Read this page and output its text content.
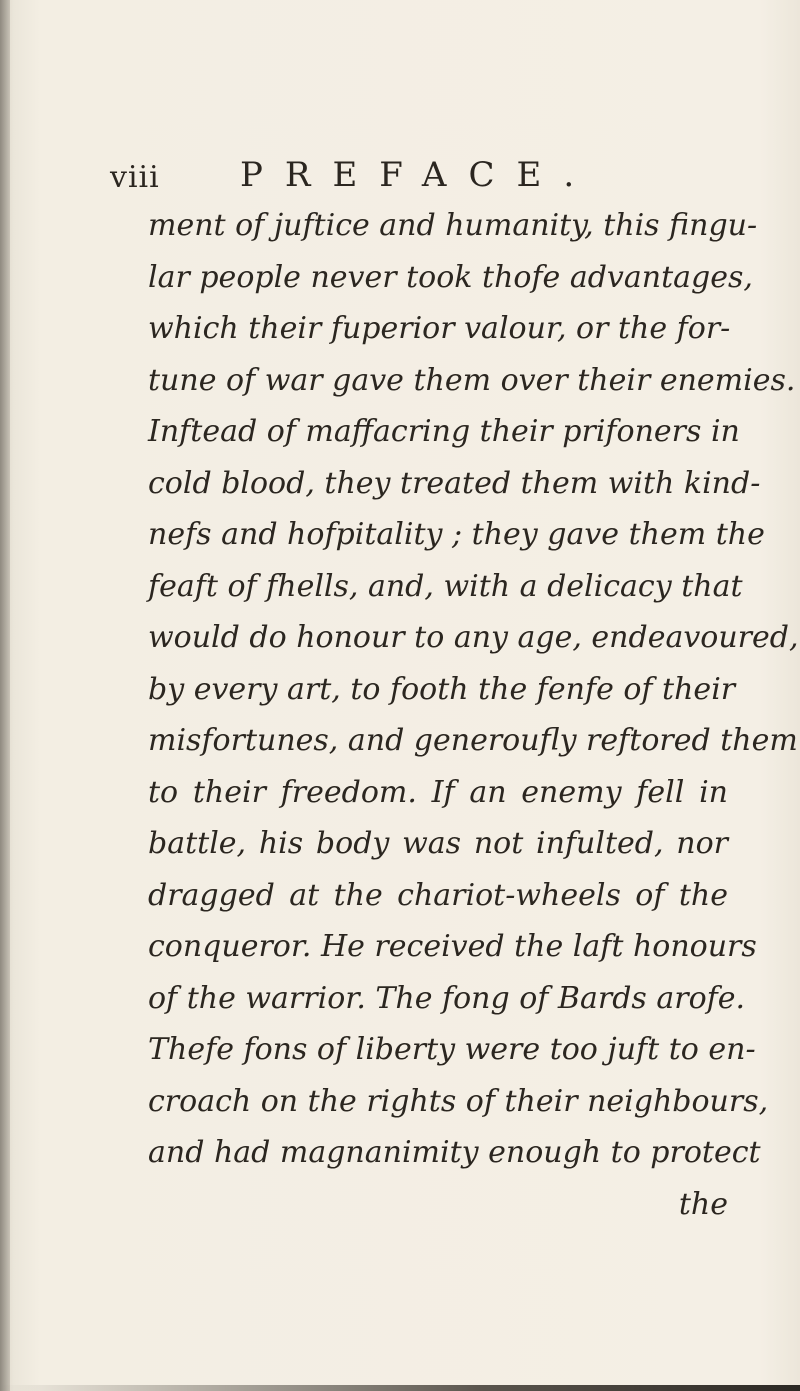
viii PREFACE.
ment of juftice and humanity, this fingu-
lar people never took thofe advantages,
which their fuperior valour, or the for-
tune of war gave them over their enemies.
Inftead of maffacring their prifoners in
cold blood, they treated them with kind-
nefs and hofpitality ; they gave them the
feaft of fhells, and, with a delicacy that
would do honour to any age, endeavoured,
by every art, to footh the fenfe of their
misfortunes, and generoufly reftored them
to their freedom. If an enemy fell in
battle, his body was not infulted, nor
dragged at the chariot-wheels of the
conqueror. He received the laft honours
of the warrior. The fong of Bards arofe.
Thefe fons of liberty were too juft to en-
croach on the rights of their neighbours,
and had magnanimity enough to protect
the
